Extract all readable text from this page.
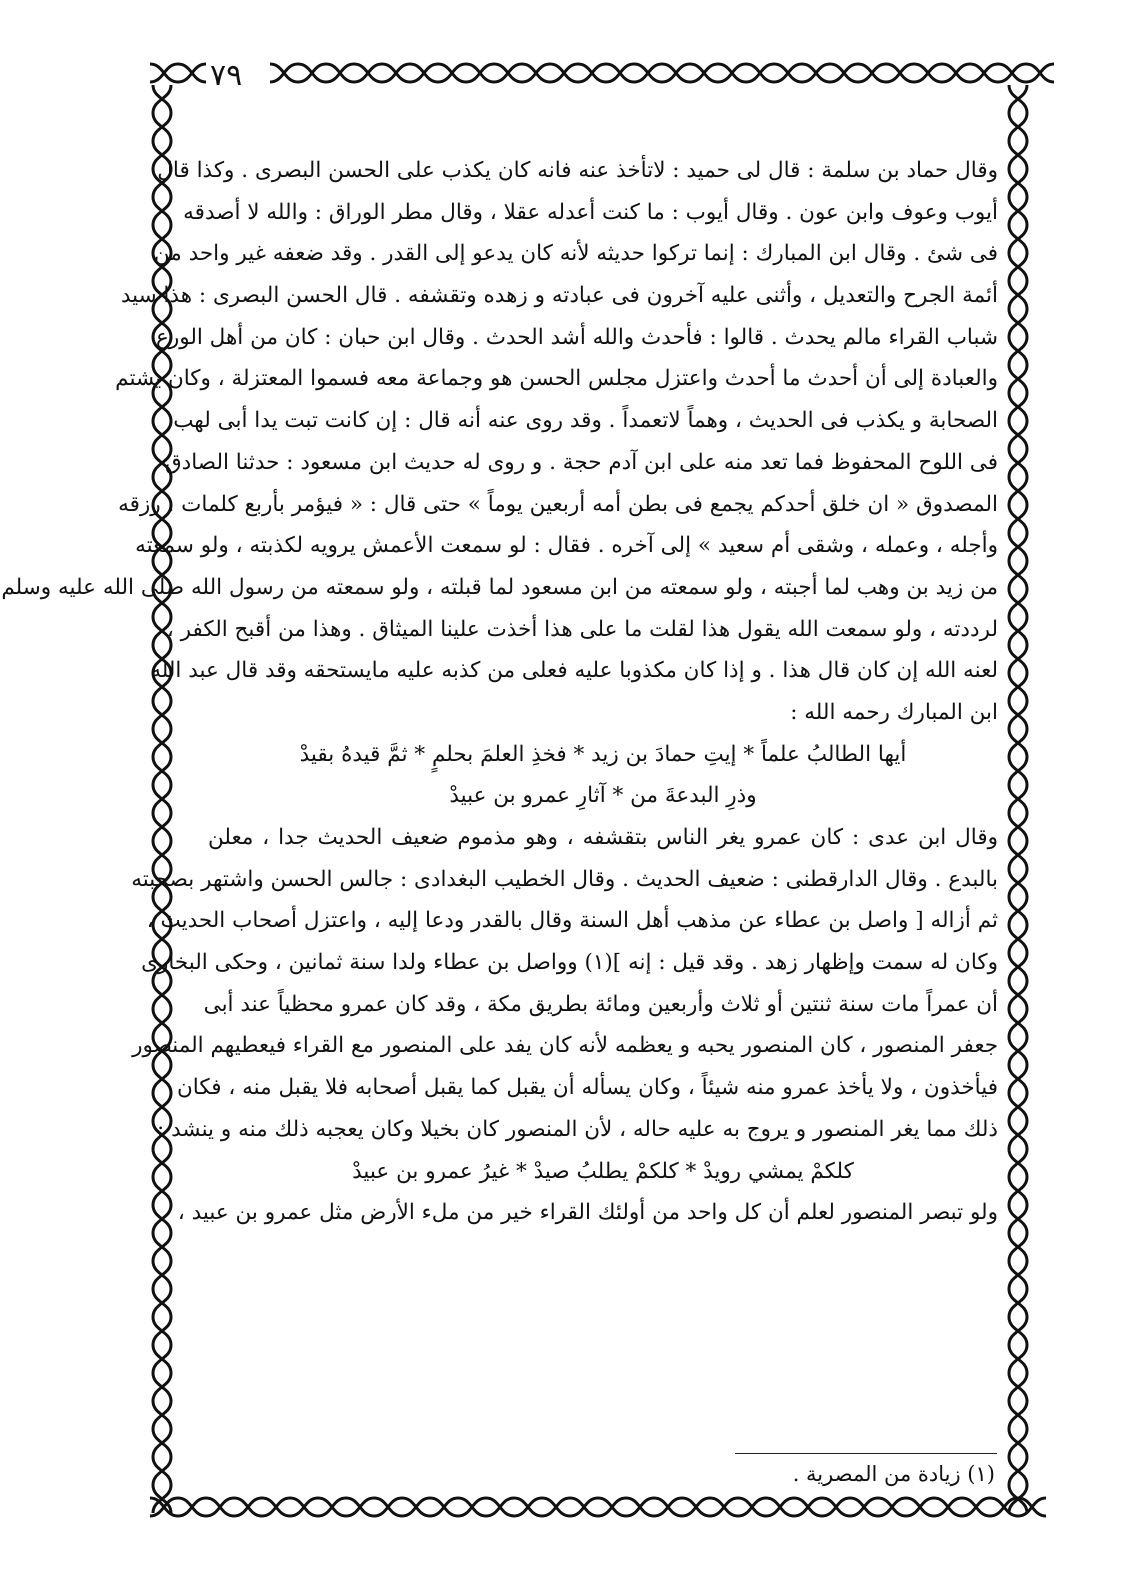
٧٩
وقال حماد بن سلمة : قال لى حميد : لاتأخذ عنه فانه كان يكذب على الحسن البصرى . وكذا قال
أيوب وعوف وابن عون . وقال أيوب : ما كنت أعدله عقلا ، وقال مطر الوراق : والله لا أصدقه
فى شئ . وقال ابن المبارك : إنما تركوا حديثه لأنه كان يدعو إلى القدر . وقد ضعفه غير واحد من
أئمة الجرح والتعديل ، وأثنى عليه آخرون فى عبادته و زهده وتقشفه . قال الحسن البصرى : هذا سيد
شباب القراء مالم يحدث . قالوا : فأحدث والله أشد الحدث . وقال ابن حبان : كان من أهل الورع
والعبادة إلى أن أحدث ما أحدث واعتزل مجلس الحسن هو وجماعة معه فسموا المعتزلة ، وكان يشتم
الصحابة و يكذب فى الحديث ، وهماً لاتعمداً . وقد روى عنه أنه قال : إن كانت تبت يدا أبى لهب
فى اللوح المحفوظ فما تعد منه على ابن آدم حجة . و روى له حديث ابن مسعود : حدثنا الصادق
المصدوق « ان خلق أحدكم يجمع فى بطن أمه أربعين يوماً » حتى قال : « فيؤمر بأربع كلمات . رزقه
وأجله ، وعمله ، وشقى أم سعيد » إلى آخره . فقال : لو سمعت الأعمش يرويه لكذبته ، ولو سمعته
من زيد بن وهب لما أجبته ، ولو سمعته من ابن مسعود لما قبلته ، ولو سمعته من رسول الله صلى الله عليه وسلم
لرددته ، ولو سمعت الله يقول هذا لقلت ما على هذا أخذت علينا الميثاق . وهذا من أقبح الكفر ،
لعنه الله إن كان قال هذا . و إذا كان مكذوبا عليه فعلى من كذبه عليه مايستحقه وقد قال عبد الله
ابن المبارك رحمه الله :
أيها الطالبُ علماً * إيتِ حمادَ بن زيد * فخذِ العلمَ بحلمٍ * ثمَّ قيدهُ بقيدْ
وذرِ البدعةَ من * آثارِ عمرو بن عبيدْ
وقال ابن عدى : كان عمرو يغر الناس بتقشفه ، وهو مذموم ضعيف الحديث جدا ، معلن
بالبدع . وقال الدارقطنى : ضعيف الحديث . وقال الخطيب البغدادى : جالس الحسن واشتهر بصحبته
ثم أزاله [ واصل بن عطاء عن مذهب أهل السنة وقال بالقدر ودعا إليه ، واعتزل أصحاب الحديث ،
وكان له سمت وإظهار زهد . وقد قيل : إنه ](١) وواصل بن عطاء ولدا سنة ثمانين ، وحكى البخارى
أن عمراً مات سنة ثنتين أو ثلاث وأربعين ومائة بطريق مكة ، وقد كان عمرو محظياً عند أبى
جعفر المنصور ، كان المنصور يحبه و يعظمه لأنه كان يفد على المنصور مع القراء فيعطيهم المنصور
فيأخذون ، ولا يأخذ عمرو منه شيئاً ، وكان يسأله أن يقبل كما يقبل أصحابه فلا يقبل منه ، فكان
ذلك مما يغر المنصور و يروج به عليه حاله ، لأن المنصور كان بخيلا وكان يعجبه ذلك منه و ينشد :
كلكمْ يمشي رويدْ * كلكمْ يطلبُ صيدْ * غيرُ عمرو بن عبيدْ
ولو تبصر المنصور لعلم أن كل واحد من أولئك القراء خير من ملء الأرض مثل عمرو بن عبيد ،
(١) زيادة من المصرية .
